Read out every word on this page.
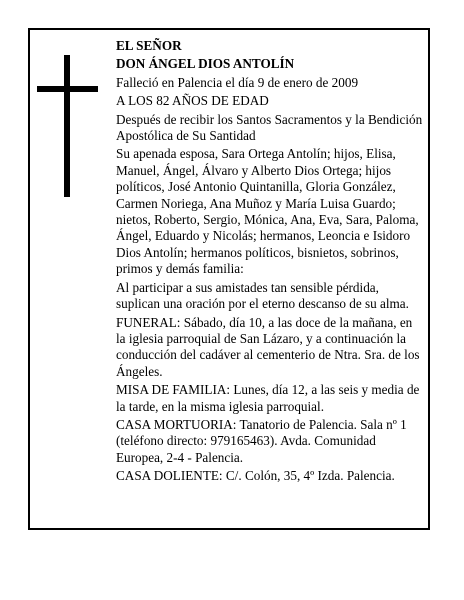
EL SEÑOR

DON ÁNGEL DIOS ANTOLÍN

Falleció en Palencia el día 9 de enero de 2009

A LOS 82 AÑOS DE EDAD

Después de recibir los Santos Sacramentos y la Bendición Apostólica de Su Santidad

Su apenada esposa, Sara Ortega Antolín; hijos, Elisa, Manuel, Ángel, Álvaro y Alberto Dios Ortega; hijos políticos, José Antonio Quintanilla, Gloria González, Carmen Noriega, Ana Muñoz y María Luisa Guardo; nietos, Roberto, Sergio, Mónica, Ana, Eva, Sara, Paloma, Ángel, Eduardo y Nicolás; hermanos, Leoncia e Isidoro Dios Antolín; hermanos políticos, bisnietos, sobrinos, primos y demás familia:

Al participar a sus amistades tan sensible pérdida, suplican una oración por el eterno descanso de su alma.

FUNERAL: Sábado, día 10, a las doce de la mañana, en la iglesia parroquial de San Lázaro, y a continuación la conducción del cadáver al cementerio de Ntra. Sra. de los Ángeles.

MISA DE FAMILIA: Lunes, día 12, a las seis y media de la tarde, en la misma iglesia parroquial.

CASA MORTUORIA: Tanatorio de Palencia. Sala nº 1 (teléfono directo: 979165463). Avda. Comunidad Europea, 2-4 - Palencia.

CASA DOLIENTE: C/. Colón, 35, 4º Izda. Palencia.
